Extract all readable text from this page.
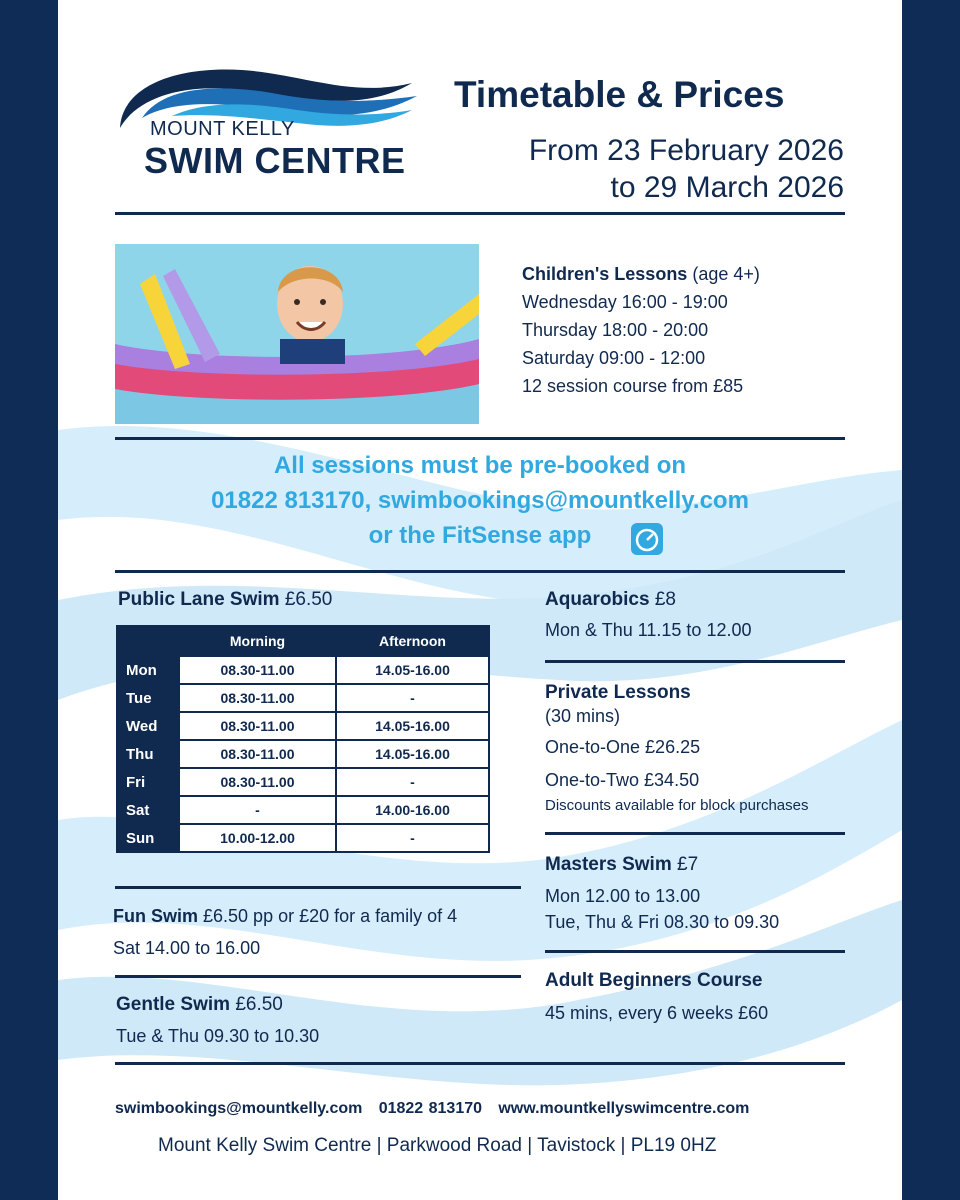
MOUNT KELLY
SWIM CENTRE
Timetable & Prices
From 23 February 2026
to 29 March 2026
Children's Lessons (age 4+)
Wednesday 16:00 - 19:00
Thursday 18:00 - 20:00
Saturday 09:00 - 12:00
12 session course from £85
All sessions must be pre-booked on
01822 813170, swimbookings@mountkelly.com
or the FitSense app
Public Lane Swim £6.50
	Morning	Afternoon
Mon	08.30-11.00	14.05-16.00
Tue	08.30-11.00	-
Wed	08.30-11.00	14.05-16.00
Thu	08.30-11.00	14.05-16.00
Fri	08.30-11.00	-
Sat	-	14.00-16.00
Sun	10.00-12.00	-
Fun Swim £6.50 pp or £20 for a family of 4
Sat 14.00 to 16.00
Gentle Swim £6.50
Tue & Thu 09.30 to 10.30
Aquarobics £8
Mon & Thu 11.15 to 12.00
Private Lessons
(30 mins)
One-to-One £26.25
One-to-Two £34.50
Discounts available for block purchases
Masters Swim £7
Mon 12.00 to 13.00
Tue, Thu & Fri 08.30 to 09.30
Adult Beginners Course
45 mins, every 6 weeks £60
swimbookings@mountkelly.com 01822 813170 www.mountkellyswimcentre.com
Mount Kelly Swim Centre | Parkwood Road | Tavistock | PL19 0HZ
